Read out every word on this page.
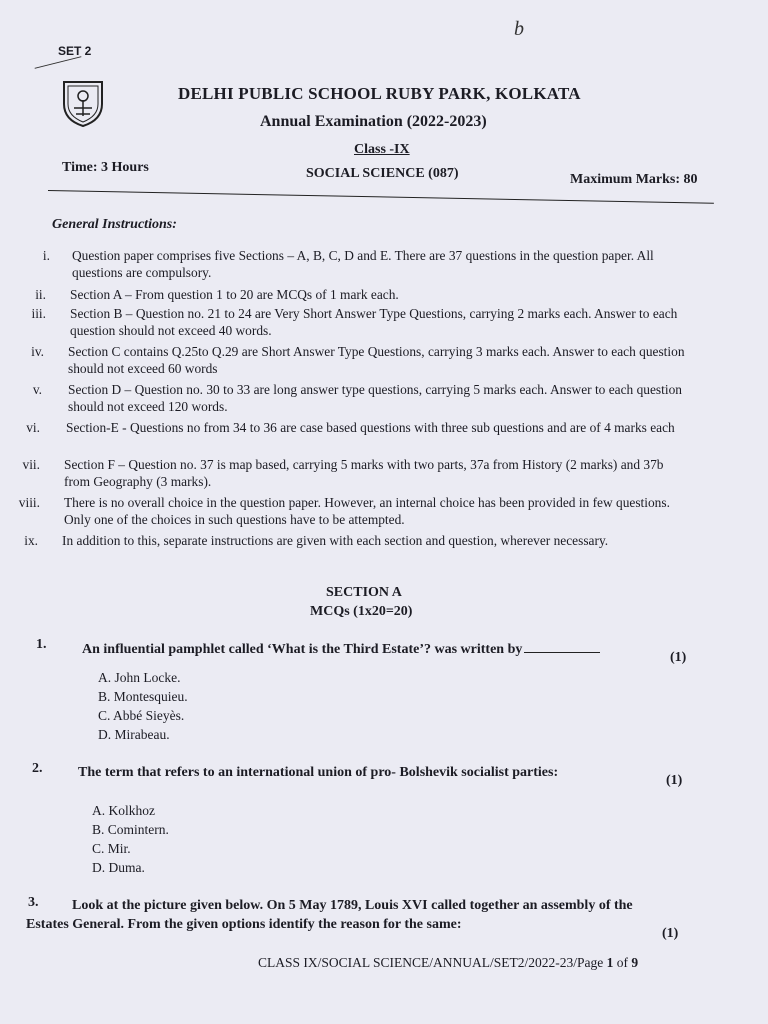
SET 2
b
DELHI PUBLIC SCHOOL RUBY PARK, KOLKATA
Annual Examination (2022-2023)
Class -IX
Time: 3 Hours	SOCIAL SCIENCE (087)	Maximum Marks: 80
General Instructions:
i. Question paper comprises five Sections – A, B, C, D and E. There are 37 questions in the question paper. All questions are compulsory.
ii. Section A – From question 1 to 20 are MCQs of 1 mark each.
iii. Section B – Question no. 21 to 24 are Very Short Answer Type Questions, carrying 2 marks each. Answer to each question should not exceed 40 words.
iv. Section C contains Q.25to Q.29 are Short Answer Type Questions, carrying 3 marks each. Answer to each question should not exceed 60 words
v. Section D – Question no. 30 to 33 are long answer type questions, carrying 5 marks each. Answer to each question should not exceed 120 words.
vi. Section-E - Questions no from 34 to 36 are case based questions with three sub questions and are of 4 marks each
vii. Section F – Question no. 37 is map based, carrying 5 marks with two parts, 37a from History (2 marks) and 37b from Geography (3 marks).
viii. There is no overall choice in the question paper. However, an internal choice has been provided in few questions. Only one of the choices in such questions have to be attempted.
ix. In addition to this, separate instructions are given with each section and question, wherever necessary.
SECTION A
MCQs (1x20=20)
1.	An influential pamphlet called ‘What is the Third Estate’? was written by
(1)
A. John Locke.
B. Montesquieu.
C. Abbé Sieyès.
D. Mirabeau.
2.	The term that refers to an international union of pro- Bolshevik socialist parties:
(1)
A. Kolkhoz
B. Comintern.
C. Mir.
D. Duma.
3. Look at the picture given below. On 5 May 1789, Louis XVI called together an assembly of the
Estates General. From the given options identify the reason for the same:
(1)
CLASS IX/SOCIAL SCIENCE/ANNUAL/SET2/2022-23/Page 1 of 9
